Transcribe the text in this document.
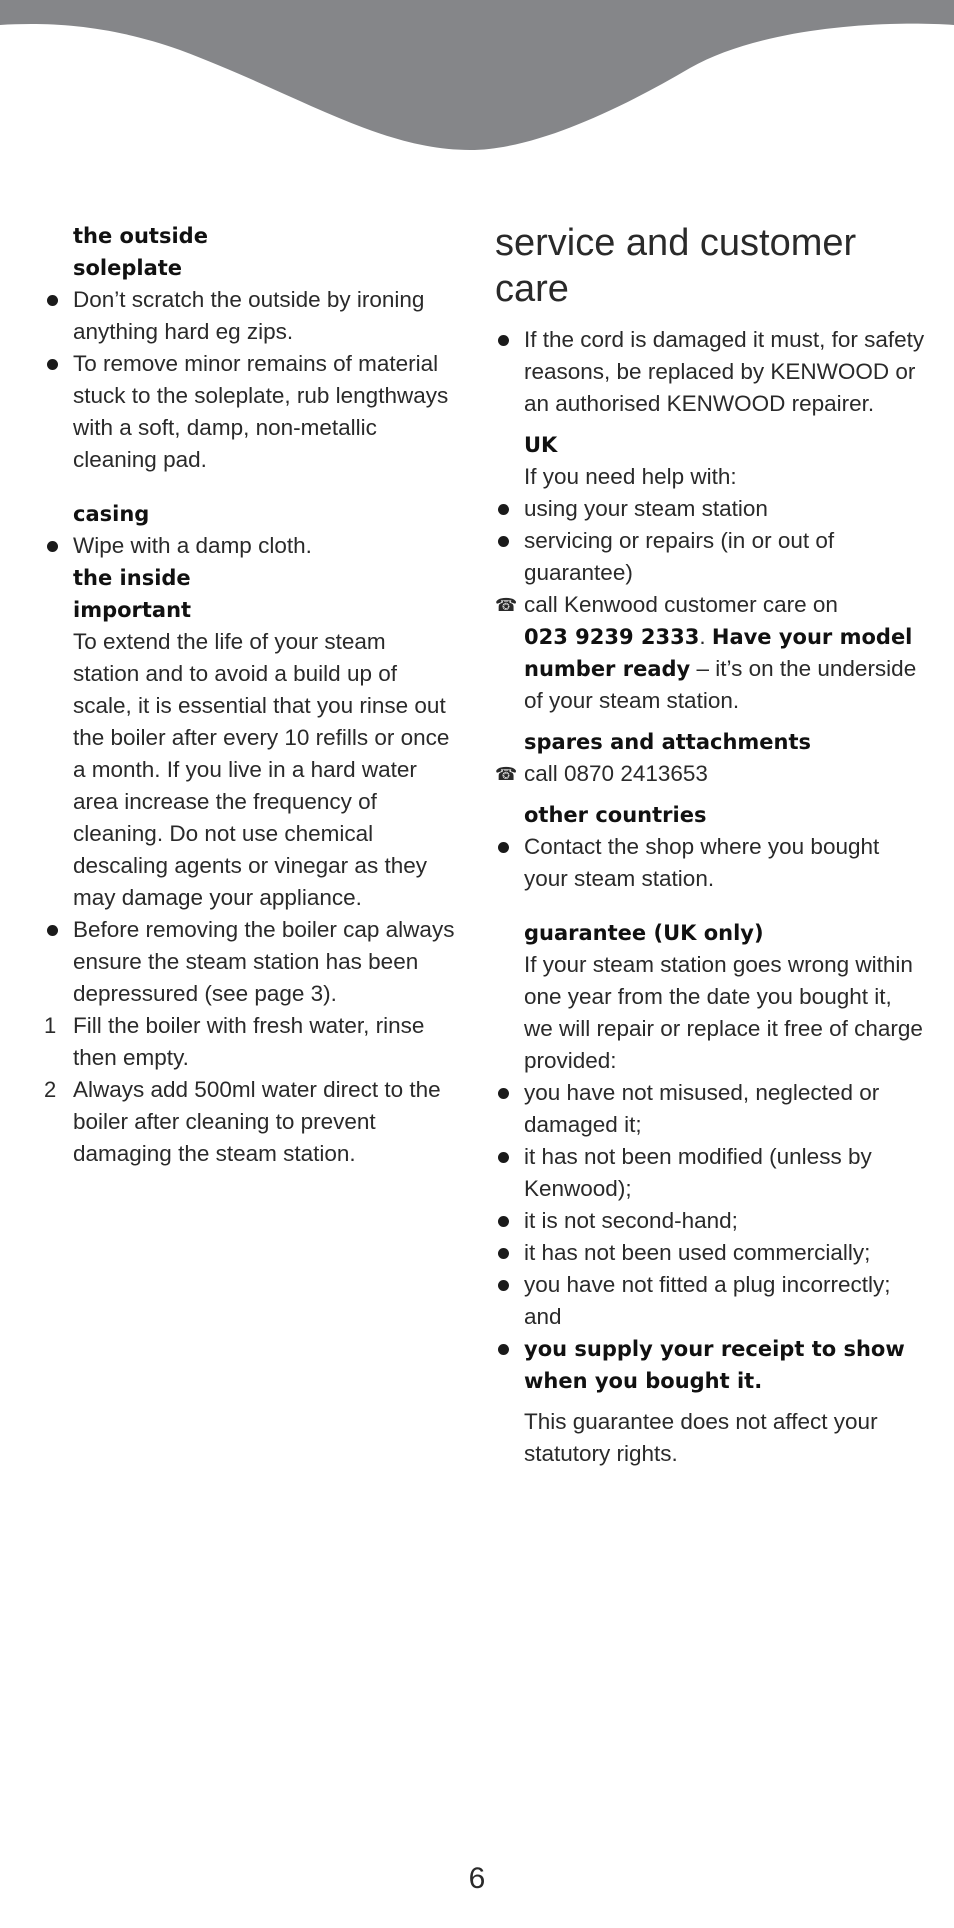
the outside
soleplate
Don’t scratch the outside by ironing anything hard eg zips.
To remove minor remains of material stuck to the soleplate, rub lengthways with a soft, damp, non-metallic cleaning pad.
casing
Wipe with a damp cloth.
the inside
important
To extend the life of your steam station and to avoid a build up of scale, it is essential that you rinse out the boiler after every 10 refills or once a month. If you live in a hard water area increase the frequency of cleaning. Do not use chemical descaling agents or vinegar as they may damage your appliance.
Before removing the boiler cap always ensure the steam station has been depressured (see page 3).
1 Fill the boiler with fresh water, rinse then empty.
2 Always add 500ml water direct to the boiler after cleaning to prevent damaging the steam station.
service and customer care
If the cord is damaged it must, for safety reasons, be replaced by KENWOOD or an authorised KENWOOD repairer.
UK
If you need help with:
using your steam station
servicing or repairs (in or out of guarantee)
☎ call Kenwood customer care on
023 9239 2333. Have your model number ready – it’s on the underside of your steam station.
spares and attachments
☎ call 0870 2413653
other countries
Contact the shop where you bought your steam station.
guarantee (UK only)
If your steam station goes wrong within one year from the date you bought it, we will repair or replace it free of charge provided:
you have not misused, neglected or damaged it;
it has not been modified (unless by Kenwood);
it is not second-hand;
it has not been used commercially;
you have not fitted a plug incorrectly; and
you supply your receipt to show when you bought it.
This guarantee does not affect your statutory rights.
6
